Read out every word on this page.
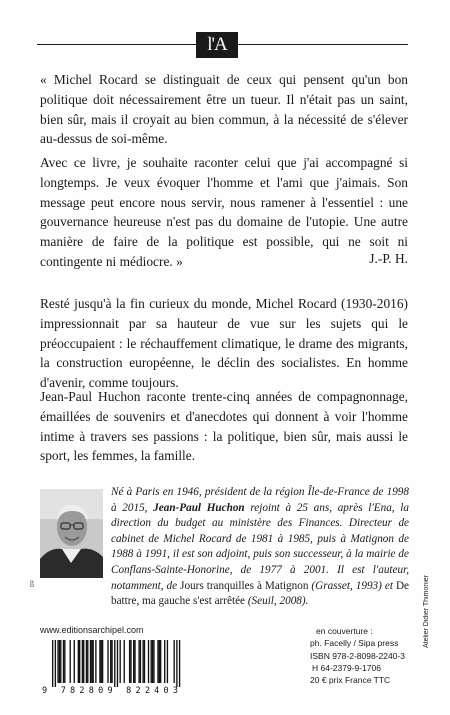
l'A

« Michel Rocard se distinguait de ceux qui pensent qu'un bon politique doit nécessairement être un tueur. Il n'était pas un saint, bien sûr, mais il croyait au bien commun, à la nécessité de s'élever au-dessus de soi-même.

Avec ce livre, je souhaite raconter celui que j'ai accompagné si longtemps. Je veux évoquer l'homme et l'ami que j'aimais. Son message peut encore nous servir, nous ramener à l'essentiel : une gouvernance heureuse n'est pas du domaine de l'utopie. Une autre manière de faire de la politique est possible, qui ne soit ni contingente ni médiocre. »	J.-P. H.

Resté jusqu'à la fin curieux du monde, Michel Rocard (1930-2016) impressionnait par sa hauteur de vue sur les sujets qui le préoccupaient : le réchauffement climatique, le drame des migrants, la construction européenne, le déclin des socialistes. En homme d'avenir, comme toujours.

Jean-Paul Huchon raconte trente-cinq années de compagnonnage, émaillées de souvenirs et d'anecdotes qui donnent à voir l'homme intime à travers ses passions : la politique, bien sûr, mais aussi le sport, les femmes, la famille.

DR
Né à Paris en 1946, président de la région Île-de-France de 1998 à 2015, Jean-Paul Huchon rejoint à 25 ans, après l'Ena, la direction du budget au ministère des Finances. Directeur de cabinet de Michel Rocard de 1981 à 1985, puis à Matignon de 1988 à 1991, il est son adjoint, puis son successeur, à la mairie de Conflans-Sainte-Honorine, de 1977 à 2001. Il est l'auteur, notamment, de Jours tranquilles à Matignon (Grasset, 1993) et De battre, ma gauche s'est arrêtée (Seuil, 2008).
www.editionsarchipel.com
9 782809 822403
en couverture :
ph. Facelly / Sipa press
ISBN 978-2-8098-2240-3
H 64-2379-9-1706
20 € prix France TTC
Atelier Didier Thimonier
